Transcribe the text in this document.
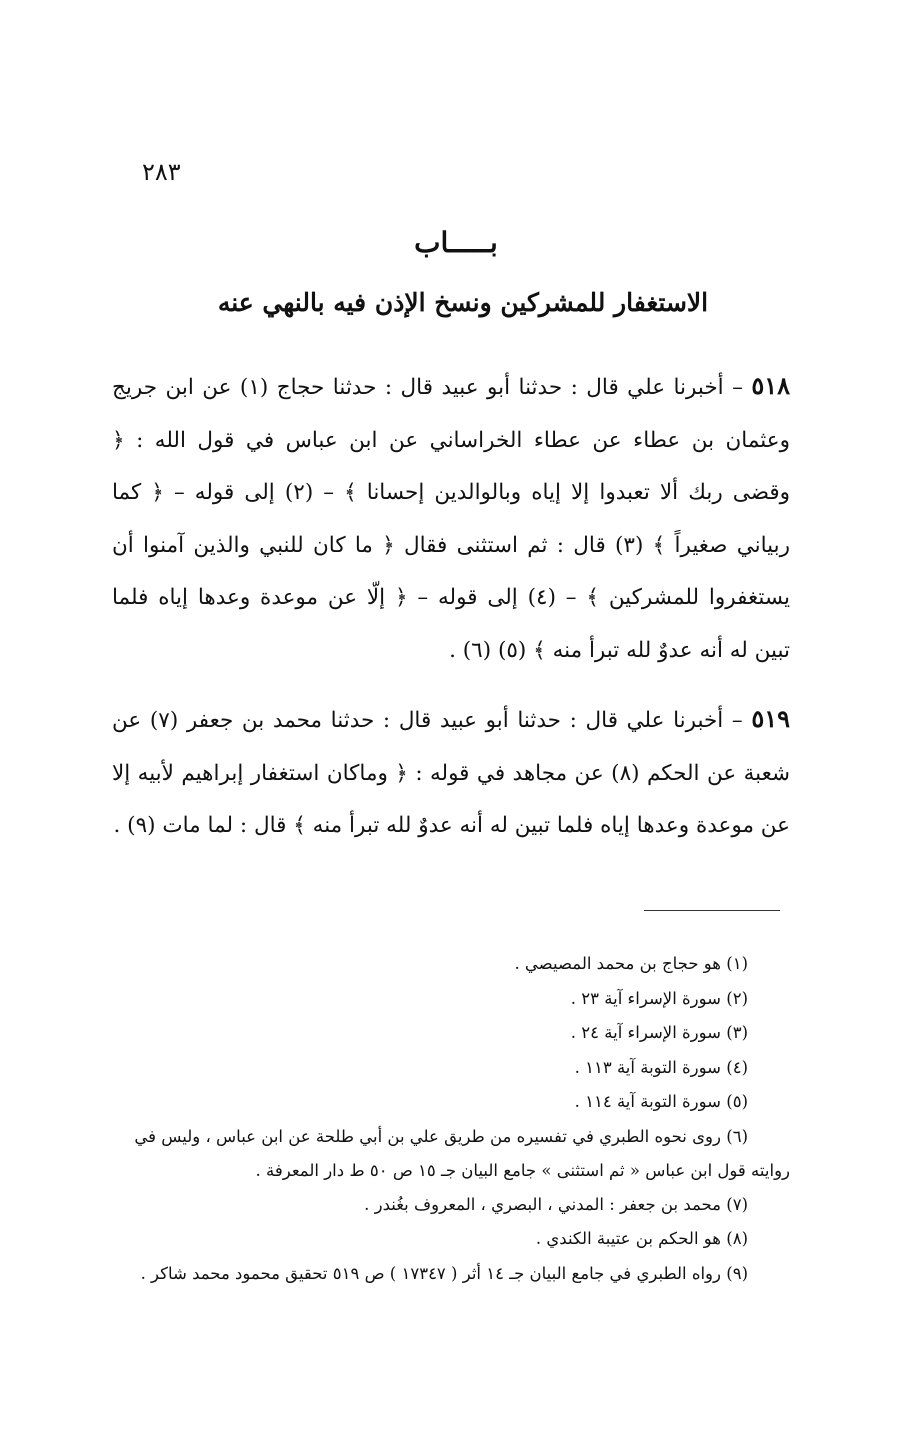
٢٨٣
بـــــاب
الاستغفار للمشركين ونسخ الإذن فيه بالنهي عنه

٥١٨ – أخبرنا علي قال : حدثنا أبو عبيد قال : حدثنا حجاج (١) عن ابن جريج وعثمان بن عطاء عن عطاء الخراساني عن ابن عباس في قول الله : ﴿ وقضى ربك ألا تعبدوا إلا إياه وبالوالدين إحسانا ﴾ – (٢) إلى قوله – ﴿ كما ربياني صغيراً ﴾ (٣) قال : ثم استثنى فقال ﴿ ما كان للنبي والذين آمنوا أن يستغفروا للمشركين ﴾ – (٤) إلى قوله – ﴿ إلّا عن موعدة وعدها إياه فلما تبين له أنه عدوٌ لله تبرأ منه ﴾ (٥) (٦) .

٥١٩ – أخبرنا علي قال : حدثنا أبو عبيد قال : حدثنا محمد بن جعفر (٧) عن شعبة عن الحكم (٨) عن مجاهد في قوله : ﴿ وماكان استغفار إبراهيم لأبيه إلا عن موعدة وعدها إياه فلما تبين له أنه عدوٌ لله تبرأ منه ﴾ قال : لما مات (٩) .

(١) هو حجاج بن محمد المصيصي .

(٢) سورة الإسراء آية ٢٣ .

(٣) سورة الإسراء آية ٢٤ .

(٤) سورة التوبة آية ١١٣ .

(٥) سورة التوبة آية ١١٤ .

(٦) روى نحوه الطبري في تفسيره من طريق علي بن أبي طلحة عن ابن عباس ، وليس في روايته قول ابن عباس « ثم استثنى » جامع البيان جـ ١٥ ص ٥٠ ط دار المعرفة .

(٧) محمد بن جعفر : المدني ، البصري ، المعروف بغُندر .

(٨) هو الحكم بن عتيبة الكندي .

(٩) رواه الطبري في جامع البيان جـ ١٤ أثر ( ١٧٣٤٧ ) ص ٥١٩ تحقيق محمود محمد شاكر .
